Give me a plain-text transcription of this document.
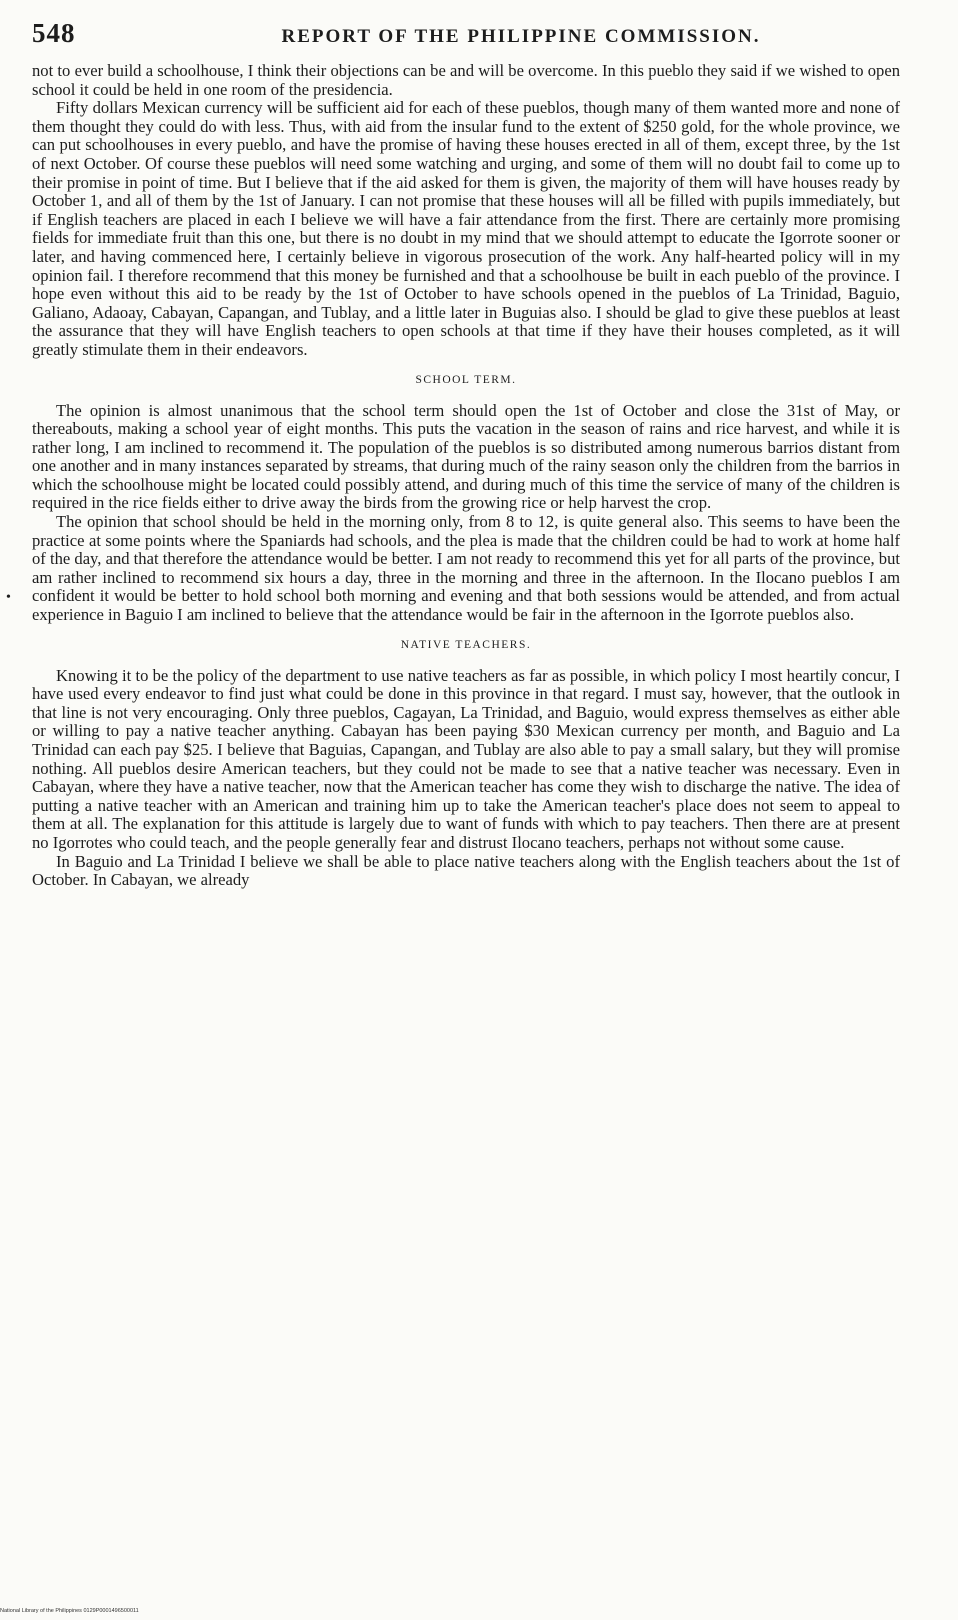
548	REPORT OF THE PHILIPPINE COMMISSION.

not to ever build a schoolhouse, I think their objections can be and will be overcome. In this pueblo they said if we wished to open school it could be held in one room of the presidencia.

Fifty dollars Mexican currency will be sufficient aid for each of these pueblos, though many of them wanted more and none of them thought they could do with less. Thus, with aid from the insular fund to the extent of $250 gold, for the whole province, we can put schoolhouses in every pueblo, and have the promise of having these houses erected in all of them, except three, by the 1st of next October. Of course these pueblos will need some watching and urging, and some of them will no doubt fail to come up to their promise in point of time. But I believe that if the aid asked for them is given, the majority of them will have houses ready by October 1, and all of them by the 1st of January. I can not promise that these houses will all be filled with pupils immediately, but if English teachers are placed in each I believe we will have a fair attendance from the first. There are certainly more promising fields for immediate fruit than this one, but there is no doubt in my mind that we should attempt to educate the Igorrote sooner or later, and having commenced here, I certainly believe in vigorous prosecution of the work. Any half-hearted policy will in my opinion fail. I therefore recommend that this money be furnished and that a schoolhouse be built in each pueblo of the province. I hope even without this aid to be ready by the 1st of October to have schools opened in the pueblos of La Trinidad, Baguio, Galiano, Adaoay, Cabayan, Capangan, and Tublay, and a little later in Buguias also. I should be glad to give these pueblos at least the assurance that they will have English teachers to open schools at that time if they have their houses completed, as it will greatly stimulate them in their endeavors.

SCHOOL TERM.

The opinion is almost unanimous that the school term should open the 1st of October and close the 31st of May, or thereabouts, making a school year of eight months. This puts the vacation in the season of rains and rice harvest, and while it is rather long, I am inclined to recommend it. The population of the pueblos is so distributed among numerous barrios distant from one another and in many instances separated by streams, that during much of the rainy season only the children from the barrios in which the schoolhouse might be located could possibly attend, and during much of this time the service of many of the children is required in the rice fields either to drive away the birds from the growing rice or help harvest the crop.

The opinion that school should be held in the morning only, from 8 to 12, is quite general also. This seems to have been the practice at some points where the Spaniards had schools, and the plea is made that the children could be had to work at home half of the day, and that therefore the attendance would be better. I am not ready to recommend this yet for all parts of the province, but am rather inclined to recommend six hours a day, three in the morning and three in the afternoon. In the Ilocano pueblos I am confident it would be better to hold school both morning and evening and that both sessions would be attended, and from actual experience in Baguio I am inclined to believe that the attendance would be fair in the afternoon in the Igorrote pueblos also.

NATIVE TEACHERS.

Knowing it to be the policy of the department to use native teachers as far as possible, in which policy I most heartily concur, I have used every endeavor to find just what could be done in this province in that regard. I must say, however, that the outlook in that line is not very encouraging. Only three pueblos, Cagayan, La Trinidad, and Baguio, would express themselves as either able or willing to pay a native teacher anything. Cabayan has been paying $30 Mexican currency per month, and Baguio and La Trinidad can each pay $25. I believe that Baguias, Capangan, and Tublay are also able to pay a small salary, but they will promise nothing. All pueblos desire American teachers, but they could not be made to see that a native teacher was necessary. Even in Cabayan, where they have a native teacher, now that the American teacher has come they wish to discharge the native. The idea of putting a native teacher with an American and training him up to take the American teacher's place does not seem to appeal to them at all. The explanation for this attitude is largely due to want of funds with which to pay teachers. Then there are at present no Igorrotes who could teach, and the people generally fear and distrust Ilocano teachers, perhaps not without some cause.

In Baguio and La Trinidad I believe we shall be able to place native teachers along with the English teachers about the 1st of October. In Cabayan, we already

•
National Library of the Philippines 0129P0001496500011
